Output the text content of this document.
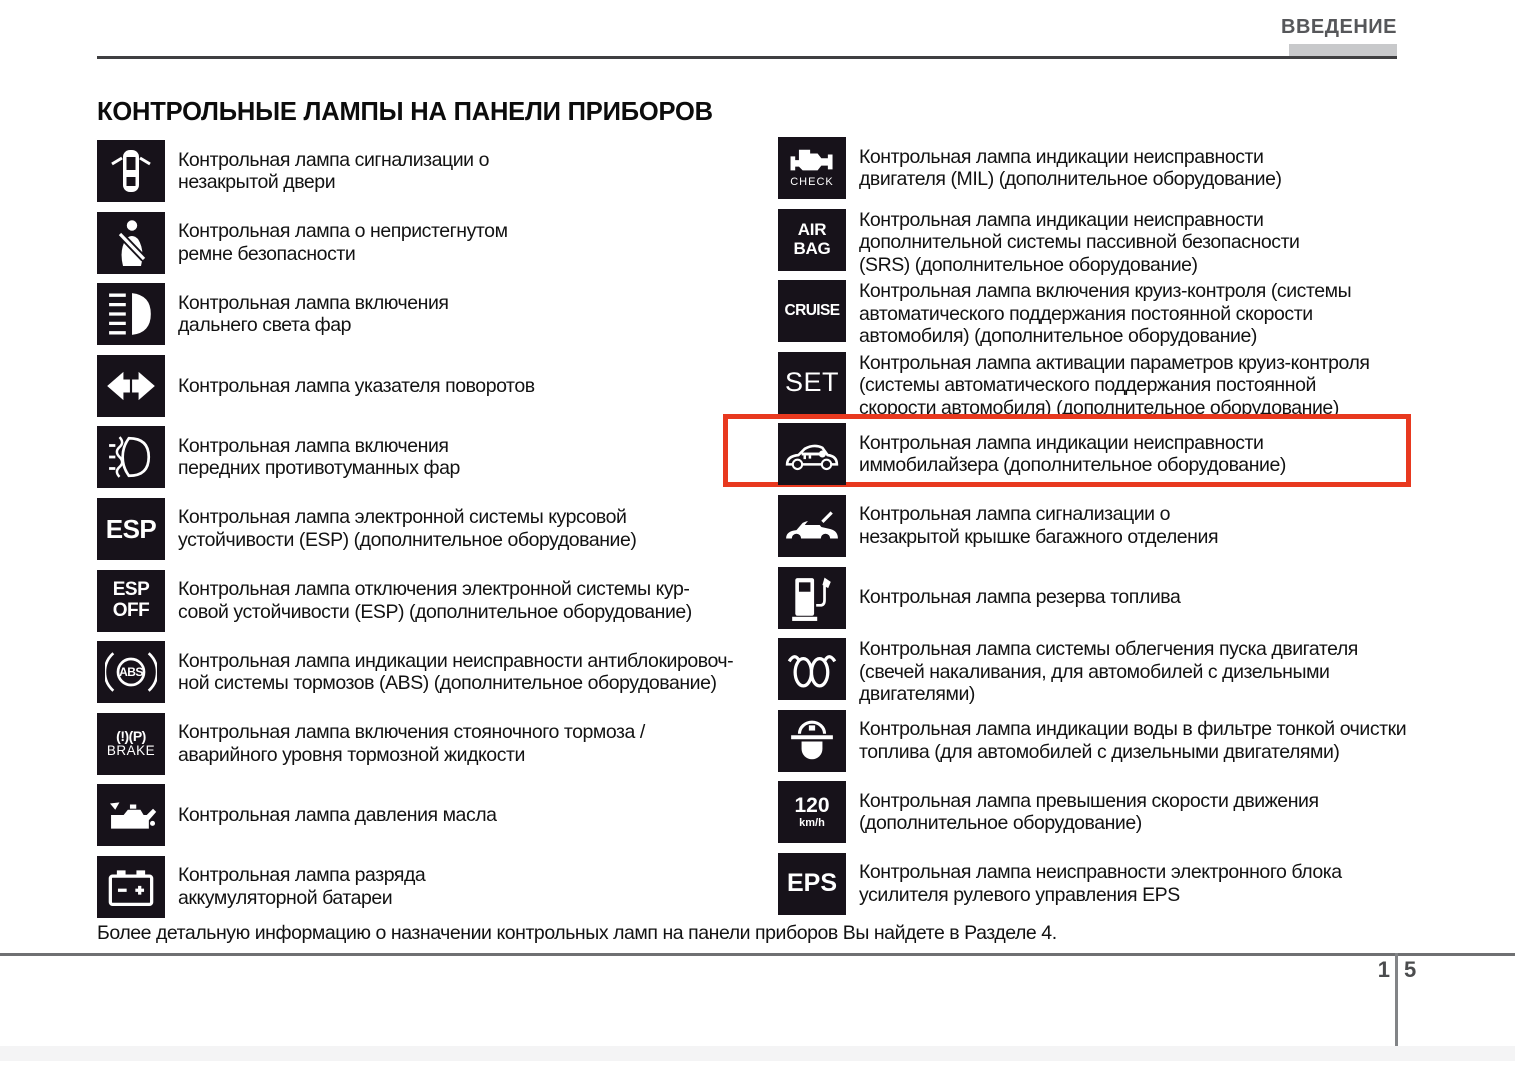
ВВЕДЕНИЕ
КОНТРОЛЬНЫЕ ЛАМПЫ НА ПАНЕЛИ ПРИБОРОВ
Контрольная лампа сигнализации о
незакрытой двери
Контрольная лампа о непристегнутом
ремне безопасности
Контрольная лампа включения
дальнего света фар
Контрольная лампа указателя поворотов
Контрольная лампа включения
передних противотуманных фар
ESP Контрольная лампа электронной системы курсовой
устойчивости (ESP) (дополнительное оборудование)
ESP
OFF
Контрольная лампа отключения электронной системы кур-
совой устойчивости (ESP) (дополнительное оборудование)
ABS
Контрольная лампа индикации неисправности антиблокировоч-
ной системы тормозов (ABS) (дополнительное оборудование)
(!)(P)
BRAKE
Контрольная лампа включения стояночного тормоза /
аварийного уровня тормозной жидкости
Контрольная лампа давления масла
Контрольная лампа разряда
аккумуляторной батареи
CHECK
Контрольная лампа индикации неисправности
двигателя (MIL) (дополнительное оборудование)
AIR
BAG
Контрольная лампа индикации неисправности
дополнительной системы пассивной безопасности
(SRS) (дополнительное оборудование)
CRUISE
Контрольная лампа включения круиз-контроля (системы
автоматического поддержания постоянной скорости
автомобиля) (дополнительное оборудование)
SET
Контрольная лампа активации параметров круиз-контроля
(системы автоматического поддержания постоянной
скорости автомобиля) (дополнительное оборудование)
Контрольная лампа индикации неисправности
иммобилайзера (дополнительное оборудование)
Контрольная лампа сигнализации о
незакрытой крышке багажного отделения
Контрольная лампа резерва топлива
Контрольная лампа системы облегчения пуска двигателя
(свечей накаливания, для автомобилей с дизельными
двигателями)
Контрольная лампа индикации воды в фильтре тонкой очистки
топлива (для автомобилей с дизельными двигателями)
120
km/h
Контрольная лампа превышения скорости движения
(дополнительное оборудование)
EPS Контрольная лампа неисправности электронного блока
усилителя рулевого управления EPS
Более детальную информацию о назначении контрольных ламп на панели приборов Вы найдете в Разделе 4.
1 5
